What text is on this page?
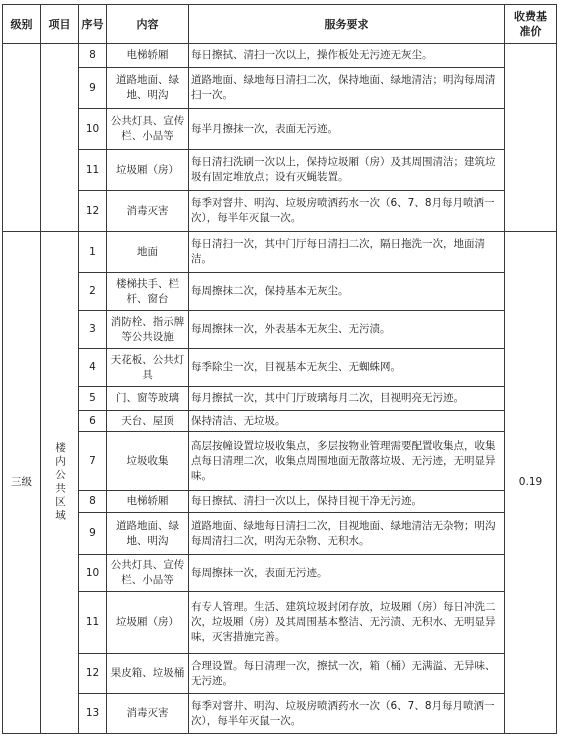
级别	项目	序号	内容	服务要求	收费基准价
		8	电梯轿厢	每日擦拭、清扫一次以上，操作板处无污迹无灰尘。	
		9	道路地面、绿地、明沟	道路地面、绿地每日清扫二次，保持地面、绿地清洁；明沟每周清扫一次。	
		10	公共灯具、宣传栏、小品等	每半月擦抹一次，表面无污迹。	
		11	垃圾厢（房）	每日清扫洗刷一次以上，保持垃圾厢（房）及其周围清洁；建筑垃圾有固定堆放点；设有灭蝇装置。	
		12	消毒灭害	每季对窨井、明沟、垃圾房喷洒药水一次（6、7、8月每月喷洒一次），每半年灭鼠一次。	
三级	楼内公共区域	1	地面	每日清扫一次，其中门厅每日清扫二次，隔日拖洗一次，地面清洁。	0.19
		2	楼梯扶手、栏杆、窗台	每周擦抹二次，保持基本无灰尘。	
		3	消防栓、指示牌等公共设施	每周擦抹一次，外表基本无灰尘、无污渍。	
		4	天花板、公共灯具	每季除尘一次，目视基本无灰尘、无蜘蛛网。	
		5	门、窗等玻璃	每月擦拭一次，其中门厅玻璃每月二次，目视明亮无污迹。	
		6	天台、屋顶	保持清洁、无垃圾。	
		7	垃圾收集	高层按幢设置垃圾收集点，多层按物业管理需要配置收集点，收集点每日清理二次，收集点周围地面无散落垃圾、无污迹，无明显异味。	
		8	电梯轿厢	每日擦拭、清扫一次以上，保持目视干净无污迹。	
		9	道路地面、绿地、明沟	道路地面、绿地每日清扫二次，目视地面、绿地清洁无杂物；明沟每周清扫二次，明沟无杂物、无积水。	
		10	公共灯具、宣传栏、小品等	每周擦抹一次，表面无污迹。	
		11	垃圾厢（房）	有专人管理。生活、建筑垃圾封闭存放，垃圾厢（房）每日冲洗二次，垃圾厢（房）及其周围基本整洁、无污渍、无积水、无明显异味，灭害措施完善。	
		12	果皮箱、垃圾桶	合理设置。每日清理一次，擦拭一次，箱（桶）无满溢、无异味、无污迹。	
		13	消毒灭害	每季对窨井、明沟、垃圾房喷洒药水一次（6、7、8月每月喷洒一次），每半年灭鼠一次。	
